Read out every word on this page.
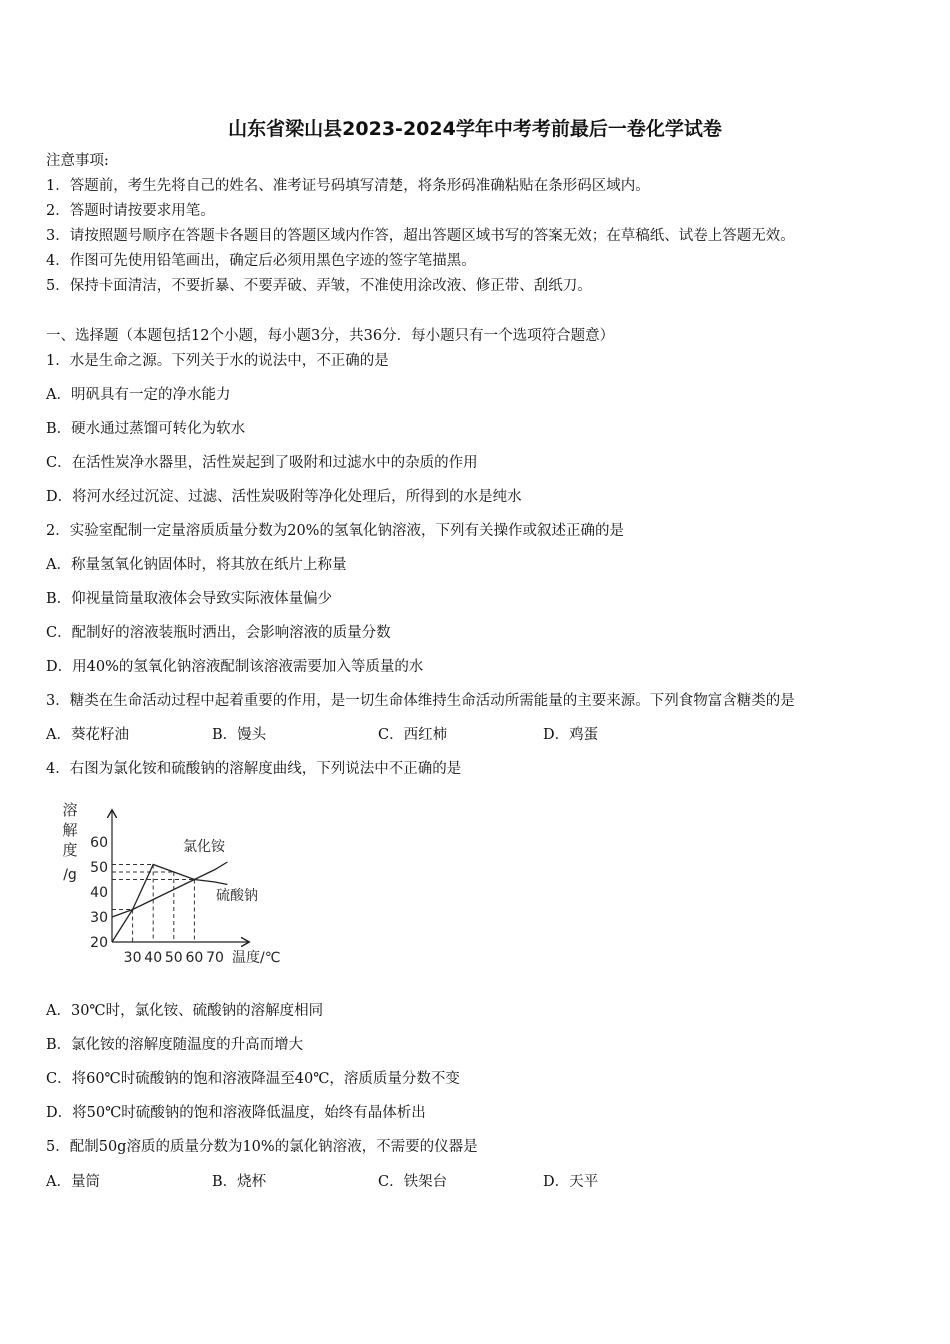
山东省梁山县2023-2024学年中考考前最后一卷化学试卷
注意事项:
1．答题前，考生先将自己的姓名、准考证号码填写清楚，将条形码准确粘贴在条形码区域内。
2．答题时请按要求用笔。
3．请按照题号顺序在答题卡各题目的答题区域内作答，超出答题区域书写的答案无效；在草稿纸、试卷上答题无效。
4．作图可先使用铅笔画出，确定后必须用黑色字迹的签字笔描黑。
5．保持卡面清洁，不要折暴、不要弄破、弄皱，不准使用涂改液、修正带、刮纸刀。
一、选择题（本题包括12个小题，每小题3分，共36分．每小题只有一个选项符合题意）
1．水是生命之源。下列关于水的说法中，不正确的是
A．明矾具有一定的净水能力
B．硬水通过蒸馏可转化为软水
C．在活性炭净水器里，活性炭起到了吸附和过滤水中的杂质的作用
D．将河水经过沉淀、过滤、活性炭吸附等净化处理后，所得到的水是纯水
2．实验室配制一定量溶质质量分数为20%的氢氧化钠溶液，下列有关操作或叙述正确的是
A．称量氢氧化钠固体时，将其放在纸片上称量
B．仰视量筒量取液体会导致实际液体量偏少
C．配制好的溶液装瓶时洒出，会影响溶液的质量分数
D．用40%的氢氧化钠溶液配制该溶液需要加入等质量的水
3．糖类在生命活动过程中起着重要的作用，是一切生命体维持生命活动所需能量的主要来源。下列食物富含糖类的是
A．葵花籽油	B．馒头	C．西红柿	D．鸡蛋
4．右图为氯化铵和硫酸钠的溶解度曲线，下列说法中不正确的是
溶
解
度
/g
20
30
40
50
60
30 40 50 60 70 温度/℃
氯化铵
硫酸钠
A．30℃时，氯化铵、硫酸钠的溶解度相同
B．氯化铵的溶解度随温度的升高而增大
C．将60℃时硫酸钠的饱和溶液降温至40℃，溶质质量分数不变
D．将50℃时硫酸钠的饱和溶液降低温度，始终有晶体析出
5．配制50g溶质的质量分数为10%的氯化钠溶液，不需要的仪器是
A．量筒	B．烧杯	C．铁架台	D．天平
